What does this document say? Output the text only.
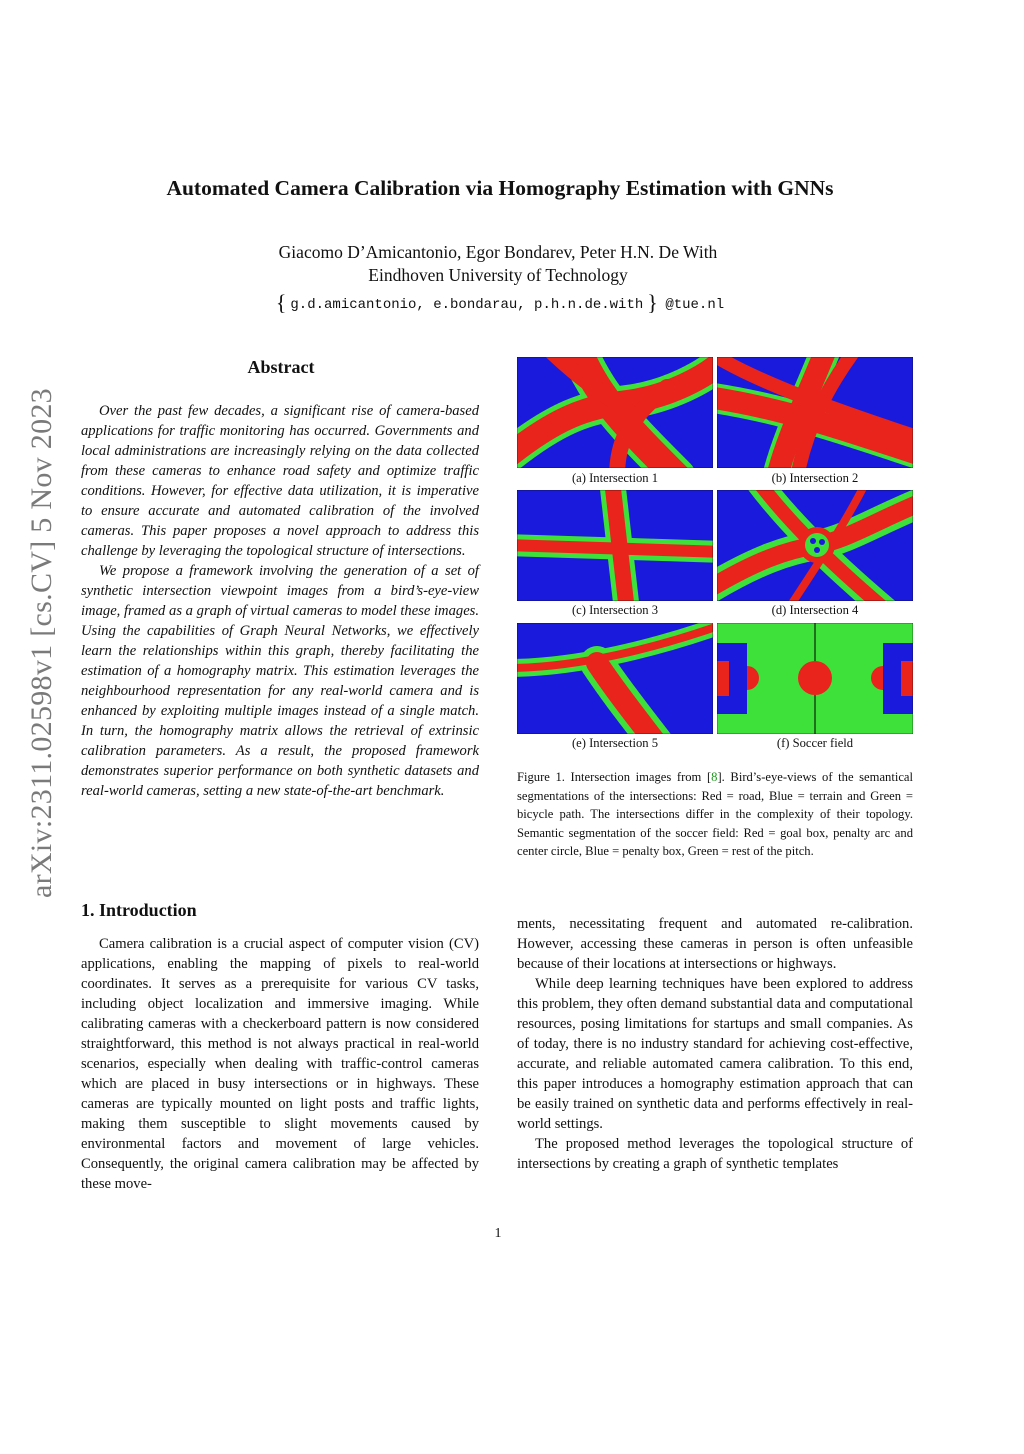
arXiv:2311.02598v1 [cs.CV] 5 Nov 2023
Automated Camera Calibration via Homography Estimation with GNNs
Giacomo D’Amicantonio, Egor Bondarev, Peter H.N. De With
Eindhoven University of Technology
{ g.d.amicantonio, e.bondarau, p.h.n.de.with } @tue.nl
Abstract

Over the past few decades, a significant rise of camera-based applications for traffic monitoring has occurred. Governments and local administrations are increasingly relying on the data collected from these cameras to enhance road safety and optimize traffic conditions. However, for effective data utilization, it is imperative to ensure accurate and automated calibration of the involved cameras. This paper proposes a novel approach to address this challenge by leveraging the topological structure of intersections.

We propose a framework involving the generation of a set of synthetic intersection viewpoint images from a bird’s-eye-view image, framed as a graph of virtual cameras to model these images. Using the capabilities of Graph Neural Networks, we effectively learn the relationships within this graph, thereby facilitating the estimation of a homography matrix. This estimation leverages the neighbourhood representation for any real-world camera and is enhanced by exploiting multiple images instead of a single match. In turn, the homography matrix allows the retrieval of extrinsic calibration parameters. As a result, the proposed framework demonstrates superior performance on both synthetic datasets and real-world cameras, setting a new state-of-the-art benchmark.

1. Introduction

Camera calibration is a crucial aspect of computer vision (CV) applications, enabling the mapping of pixels to real-world coordinates. It serves as a prerequisite for various CV tasks, including object localization and immersive imaging. While calibrating cameras with a checkerboard pattern is now considered straightforward, this method is not always practical in real-world scenarios, especially when dealing with traffic-control cameras which are placed in busy intersections or in highways. These cameras are typically mounted on light posts and traffic lights, making them susceptible to slight movements caused by environmental factors and movement of large vehicles. Consequently, the original camera calibration may be affected by these move-

ments, necessitating frequent and automated re-calibration. However, accessing these cameras in person is often unfeasible because of their locations at intersections or highways.

While deep learning techniques have been explored to address this problem, they often demand substantial data and computational resources, posing limitations for startups and small companies. As of today, there is no industry standard for achieving cost-effective, accurate, and reliable automated camera calibration. To this end, this paper introduces a homography estimation approach that can be easily trained on synthetic data and performs effectively in real-world settings.

The proposed method leverages the topological structure of intersections by creating a graph of synthetic templates

(a) Intersection 1	(b) Intersection 2
(c) Intersection 3	(d) Intersection 4
(e) Intersection 5	(f) Soccer field
Figure 1. Intersection images from [8]. Bird’s-eye-views of the semantical segmentations of the intersections: Red = road, Blue = terrain and Green = bicycle path. The intersections differ in the complexity of their topology. Semantic segmentation of the soccer field: Red = goal box, penalty arc and center circle, Blue = penalty box, Green = rest of the pitch.
1
